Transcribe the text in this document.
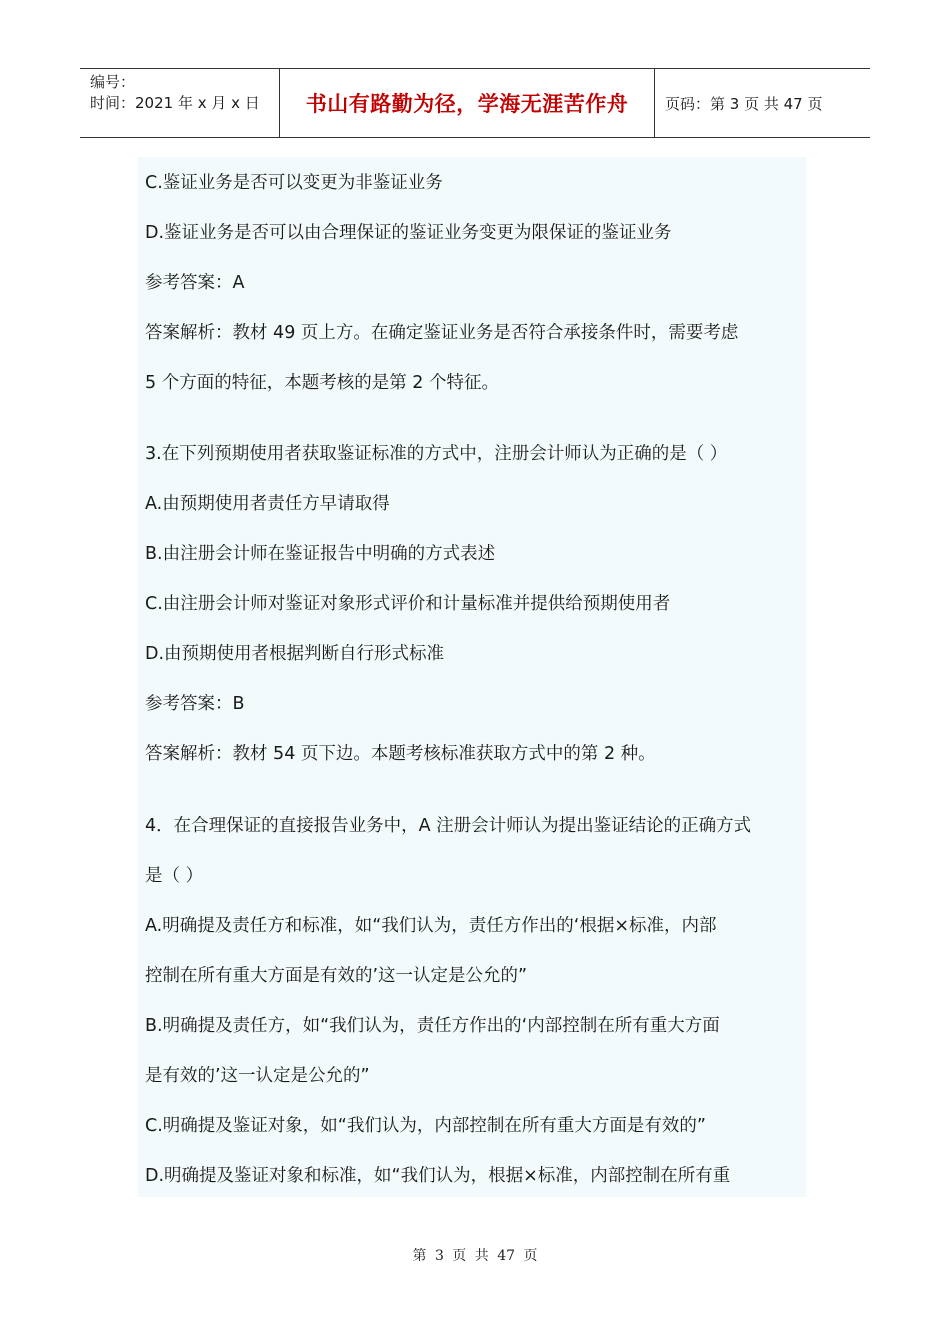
编号：
时间：2021 年 x 月 x 日	书山有路勤为径，学海无涯苦作舟	页码：第 3 页 共 47 页
C.鉴证业务是否可以变更为非鉴证业务
D.鉴证业务是否可以由合理保证的鉴证业务变更为限保证的鉴证业务
参考答案：A
答案解析：教材 49 页上方。在确定鉴证业务是否符合承接条件时，需要考虑
5 个方面的特征，本题考核的是第 2 个特征。
3.在下列预期使用者获取鉴证标准的方式中，注册会计师认为正确的是（ ）
A.由预期使用者责任方早请取得
B.由注册会计师在鉴证报告中明确的方式表述
C.由注册会计师对鉴证对象形式评价和计量标准并提供给预期使用者
D.由预期使用者根据判断自行形式标准
参考答案：B
答案解析：教材 54 页下边。本题考核标准获取方式中的第 2 种。
4．在合理保证的直接报告业务中，A 注册会计师认为提出鉴证结论的正确方式
是（ ）
A.明确提及责任方和标准，如“我们认为，责任方作出的‘根据×标准，内部
控制在所有重大方面是有效的’这一认定是公允的”
B.明确提及责任方，如“我们认为，责任方作出的‘内部控制在所有重大方面
是有效的’这一认定是公允的”
C.明确提及鉴证对象，如“我们认为，内部控制在所有重大方面是有效的”
D.明确提及鉴证对象和标准，如“我们认为，根据×标准，内部控制在所有重
第 3 页 共 47 页
